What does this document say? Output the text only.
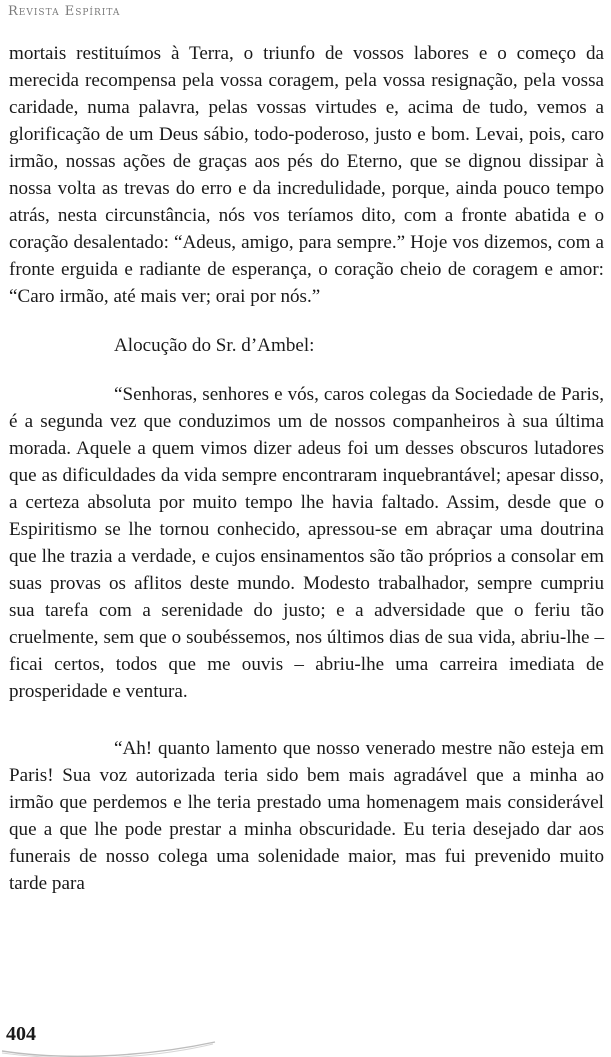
Revista Espírita

mortais restituímos à Terra, o triunfo de vossos labores e o começo da merecida recompensa pela vossa coragem, pela vossa resignação, pela vossa caridade, numa palavra, pelas vossas virtudes e, acima de tudo, vemos a glorificação de um Deus sábio, todo-poderoso, justo e bom. Levai, pois, caro irmão, nossas ações de graças aos pés do Eterno, que se dignou dissipar à nossa volta as trevas do erro e da incredulidade, porque, ainda pouco tempo atrás, nesta circunstância, nós vos teríamos dito, com a fronte abatida e o coração desalentado: “Adeus, amigo, para sempre.” Hoje vos dizemos, com a fronte erguida e radiante de esperança, o coração cheio de coragem e amor: “Caro irmão, até mais ver; orai por nós.”

Alocução do Sr. d’Ambel:

“Senhoras, senhores e vós, caros colegas da Sociedade de Paris, é a segunda vez que conduzimos um de nossos companheiros à sua última morada. Aquele a quem vimos dizer adeus foi um desses obscuros lutadores que as dificuldades da vida sempre encontraram inquebrantável; apesar disso, a certeza absoluta por muito tempo lhe havia faltado. Assim, desde que o Espiritismo se lhe tornou conhecido, apressou-se em abraçar uma doutrina que lhe trazia a verdade, e cujos ensinamentos são tão próprios a consolar em suas provas os aflitos deste mundo. Modesto trabalhador, sempre cumpriu sua tarefa com a serenidade do justo; e a adversidade que o feriu tão cruelmente, sem que o soubéssemos, nos últimos dias de sua vida, abriu-lhe – ficai certos, todos que me ouvis – abriu-lhe uma carreira imediata de prosperidade e ventura.

“Ah! quanto lamento que nosso venerado mestre não esteja em Paris! Sua voz autorizada teria sido bem mais agradável que a minha ao irmão que perdemos e lhe teria prestado uma homenagem mais considerável que a que lhe pode prestar a minha obscuridade. Eu teria desejado dar aos funerais de nosso colega uma solenidade maior, mas fui prevenido muito tarde para

404
